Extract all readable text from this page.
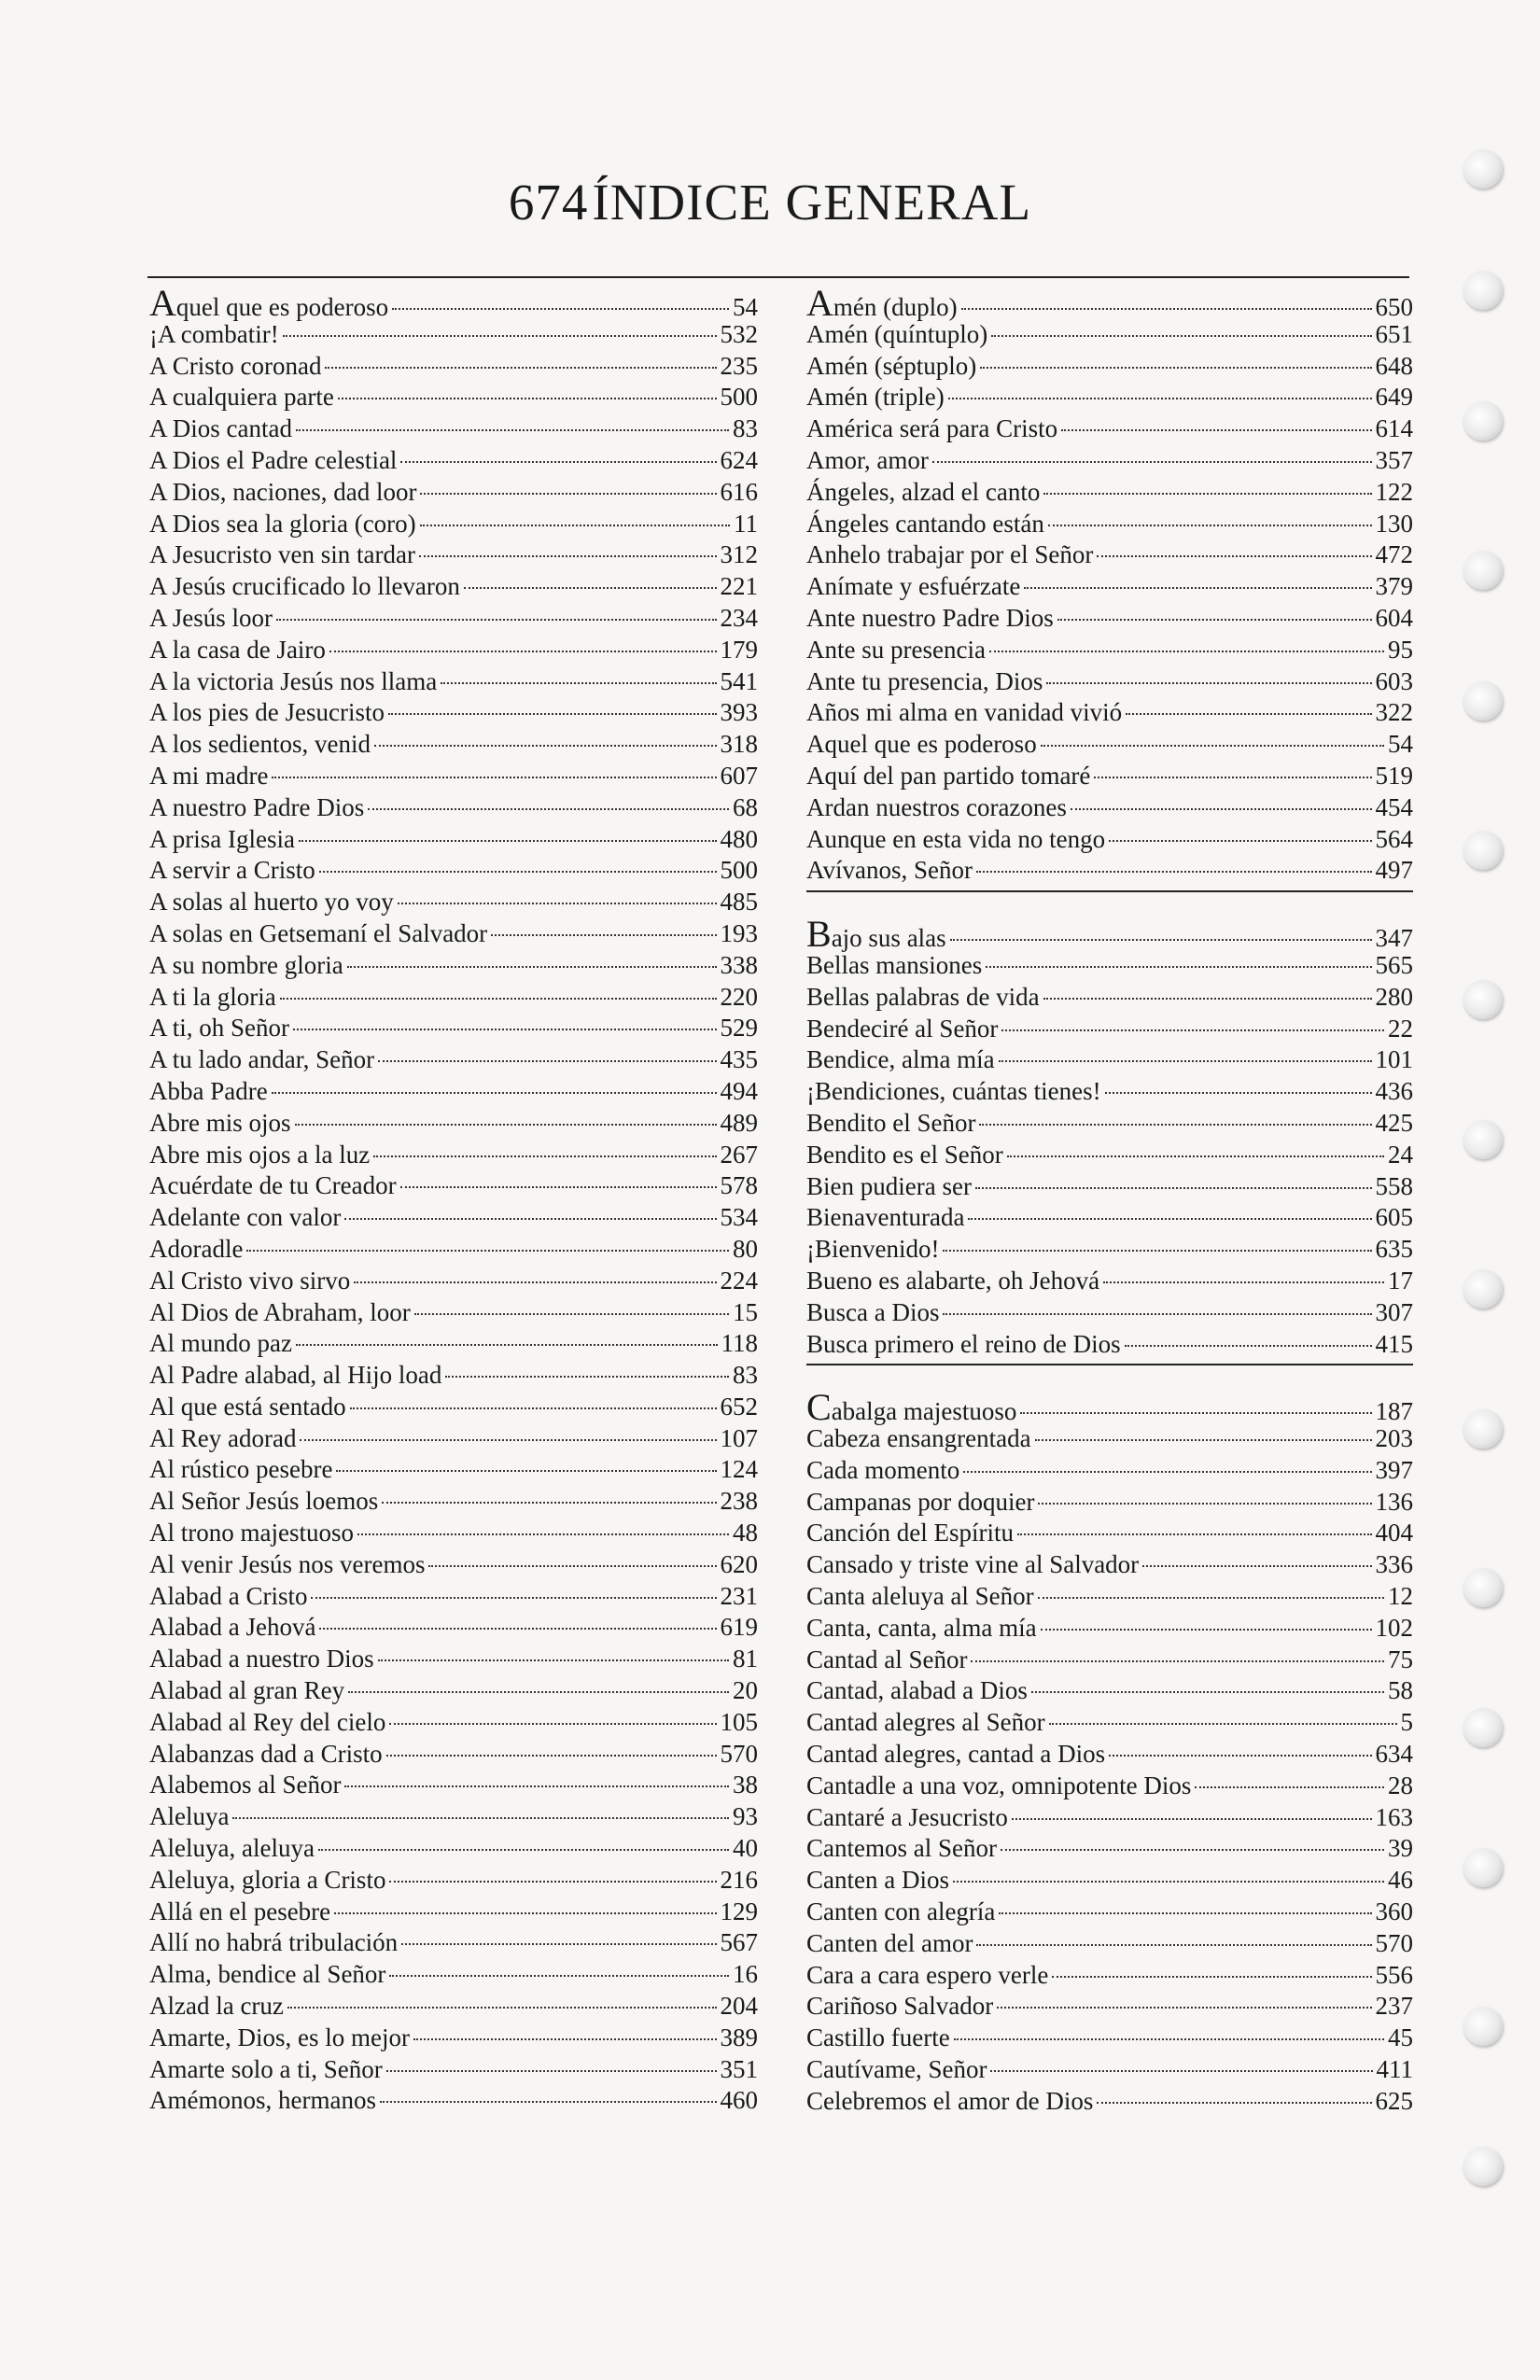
674 ÍNDICE GENERAL
Aquel que es poderoso	54
¡A combatir!	532
A Cristo coronad	235
A cualquiera parte	500
A Dios cantad	83
A Dios el Padre celestial	624
A Dios, naciones, dad loor	616
A Dios sea la gloria (coro)	11
A Jesucristo ven sin tardar	312
A Jesús crucificado lo llevaron	221
A Jesús loor	234
A la casa de Jairo	179
A la victoria Jesús nos llama	541
A los pies de Jesucristo	393
A los sedientos, venid	318
A mi madre	607
A nuestro Padre Dios	68
A prisa Iglesia	480
A servir a Cristo	500
A solas al huerto yo voy	485
A solas en Getsemaní el Salvador	193
A su nombre gloria	338
A ti la gloria	220
A ti, oh Señor	529
A tu lado andar, Señor	435
Abba Padre	494
Abre mis ojos	489
Abre mis ojos a la luz	267
Acuérdate de tu Creador	578
Adelante con valor	534
Adoradle	80
Al Cristo vivo sirvo	224
Al Dios de Abraham, loor	15
Al mundo paz	118
Al Padre alabad, al Hijo load	83
Al que está sentado	652
Al Rey adorad	107
Al rústico pesebre	124
Al Señor Jesús loemos	238
Al trono majestuoso	48
Al venir Jesús nos veremos	620
Alabad a Cristo	231
Alabad a Jehová	619
Alabad a nuestro Dios	81
Alabad al gran Rey	20
Alabad al Rey del cielo	105
Alabanzas dad a Cristo	570
Alabemos al Señor	38
Aleluya	93
Aleluya, aleluya	40
Aleluya, gloria a Cristo	216
Allá en el pesebre	129
Allí no habrá tribulación	567
Alma, bendice al Señor	16
Alzad la cruz	204
Amarte, Dios, es lo mejor	389
Amarte solo a ti, Señor	351
Amémonos, hermanos	460
Amén (duplo)	650
Amén (quíntuplo)	651
Amén (séptuplo)	648
Amén (triple)	649
América será para Cristo	614
Amor, amor	357
Ángeles, alzad el canto	122
Ángeles cantando están	130
Anhelo trabajar por el Señor	472
Anímate y esfuérzate	379
Ante nuestro Padre Dios	604
Ante su presencia	95
Ante tu presencia, Dios	603
Años mi alma en vanidad vivió	322
Aquel que es poderoso	54
Aquí del pan partido tomaré	519
Ardan nuestros corazones	454
Aunque en esta vida no tengo	564
Avívanos, Señor	497
Bajo sus alas	347
Bellas mansiones	565
Bellas palabras de vida	280
Bendeciré al Señor	22
Bendice, alma mía	101
¡Bendiciones, cuántas tienes!	436
Bendito el Señor	425
Bendito es el Señor	24
Bien pudiera ser	558
Bienaventurada	605
¡Bienvenido!	635
Bueno es alabarte, oh Jehová	17
Busca a Dios	307
Busca primero el reino de Dios	415
Cabalga majestuoso	187
Cabeza ensangrentada	203
Cada momento	397
Campanas por doquier	136
Canción del Espíritu	404
Cansado y triste vine al Salvador	336
Canta aleluya al Señor	12
Canta, canta, alma mía	102
Cantad al Señor	75
Cantad, alabad a Dios	58
Cantad alegres al Señor	5
Cantad alegres, cantad a Dios	634
Cantadle a una voz, omnipotente Dios	28
Cantaré a Jesucristo	163
Cantemos al Señor	39
Canten a Dios	46
Canten con alegría	360
Canten del amor	570
Cara a cara espero verle	556
Cariñoso Salvador	237
Castillo fuerte	45
Cautívame, Señor	411
Celebremos el amor de Dios	625
